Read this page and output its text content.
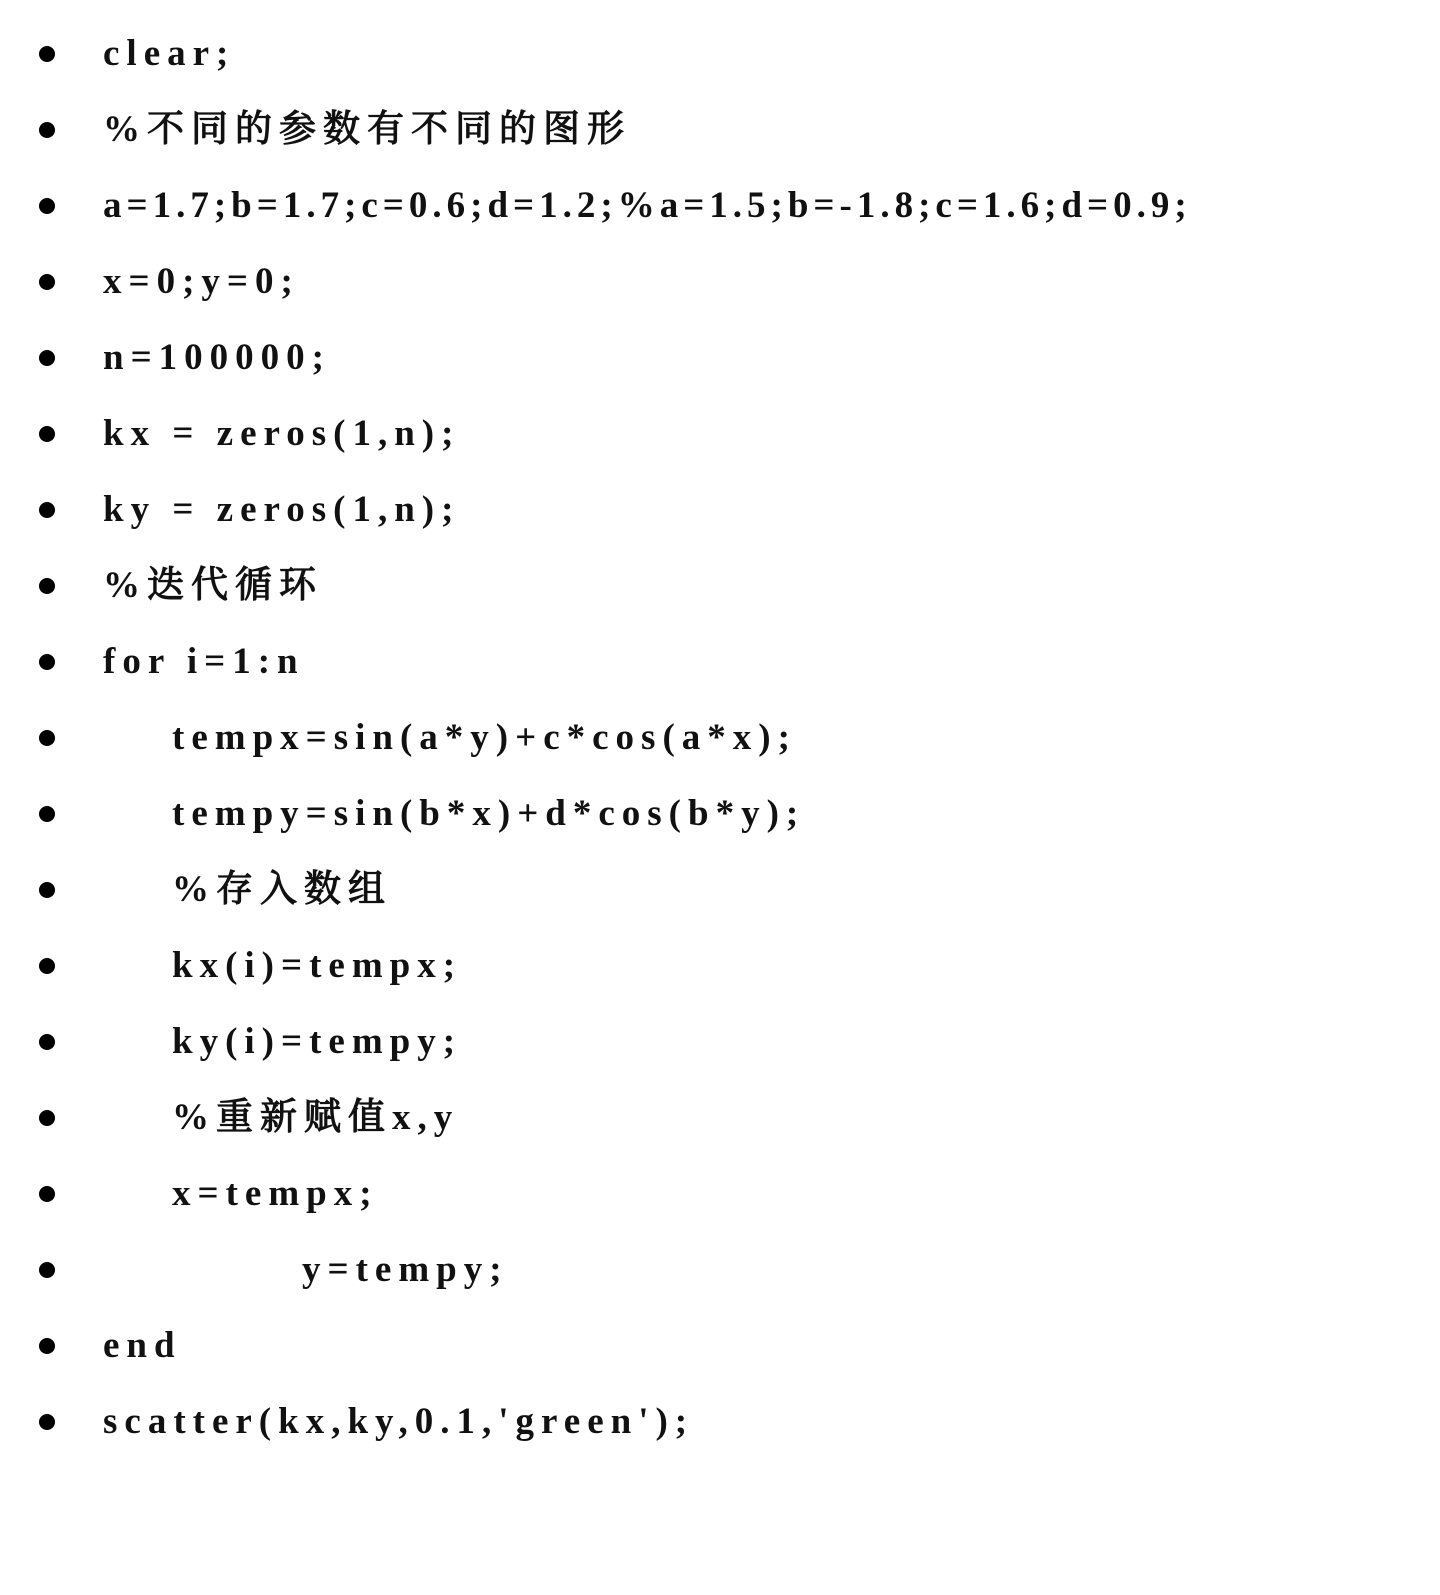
clear;
%不同的参数有不同的图形
a=1.7;b=1.7;c=0.6;d=1.2;%a=1.5;b=-1.8;c=1.6;d=0.9;
x=0;y=0;
n=100000;
kx = zeros(1,n);
ky = zeros(1,n);
%迭代循环
for i=1:n
tempx=sin(a*y)+c*cos(a*x);
tempy=sin(b*x)+d*cos(b*y);
%存入数组
kx(i)=tempx;
ky(i)=tempy;
%重新赋值x,y
x=tempx;
y=tempy;
end
scatter(kx,ky,0.1,'green');
